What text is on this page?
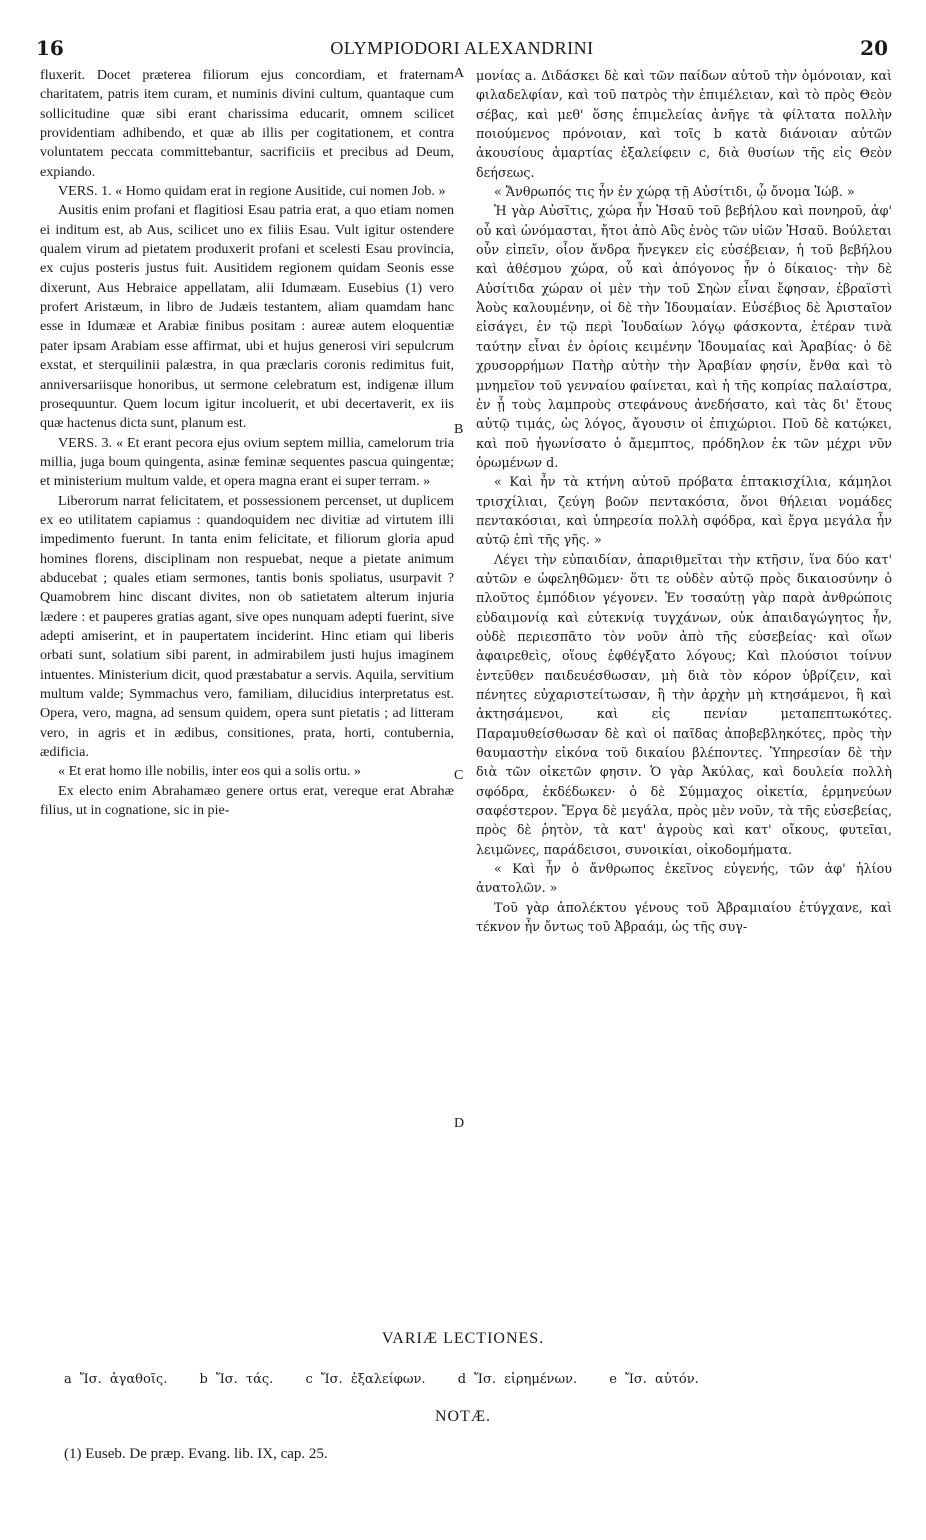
16	OLYMPIODORI ALEXANDRINI	20

fluxerit. Docet præterea filiorum ejus concordiam, et fraternam charitatem, patris item curam, et numinis divini cultum, quantaque cum sollicitudine quæ sibi erant charissima educarit, omnem scilicet providentiam adhibendo, et quæ ab illis per cogitationem, et contra voluntatem peccata committebantur, sacrificiis et precibus ad Deum, expiando.

VERS. 1. « Homo quidam erat in regione Ausitide, cui nomen Job. »

Ausitis enim profani et flagitiosi Esau patria erat, a quo etiam nomen ei inditum est, ab Aus, scilicet uno ex filiis Esau. Vult igitur ostendere qualem virum ad pietatem produxerit profani et scelesti Esau provincia, ex cujus posteris justus fuit. Ausitidem regionem quidam Seonis esse dixerunt, Aus Hebraice appellatam, alii Idumæam. Eusebius (1) vero profert Aristæum, in libro de Judæis testantem, aliam quamdam hanc esse in Idumææ et Arabiæ finibus positam : aureæ autem eloquentiæ pater ipsam Arabiam esse affirmat, ubi et hujus generosi viri sepulcrum exstat, et sterquilinii palæstra, in qua præclaris coronis redimitus fuit, anniversariisque honoribus, ut sermone celebratum est, indigenæ illum prosequuntur. Quem locum igitur incoluerit, et ubi decertaverit, ex iis quæ hactenus dicta sunt, planum est.

VERS. 3. « Et erant pecora ejus ovium septem millia, camelorum tria millia, juga boum quingenta, asinæ feminæ sequentes pascua quingentæ; et ministerium multum valde, et opera magna erant ei super terram. »

Liberorum narrat felicitatem, et possessionem percenset, ut duplicem ex eo utilitatem capiamus : quandoquidem nec divitiæ ad virtutem illi impedimento fuerunt. In tanta enim felicitate, et filiorum gloria apud homines florens, disciplinam non respuebat, neque a pietate animum abducebat ; quales etiam sermones, tantis bonis spoliatus, usurpavit ? Quamobrem hinc discant divites, non ob satietatem alterum injuria lædere : et pauperes gratias agant, sive opes nunquam adepti fuerint, sive adepti amiserint, et in paupertatem inciderint. Hinc etiam qui liberis orbati sunt, solatium sibi parent, in admirabilem justi hujus imaginem intuentes. Ministerium dicit, quod præstabatur a servis. Aquila, servitium multum valde; Symmachus vero, familiam, dilucidius interpretatus est. Opera, vero, magna, ad sensum quidem, opera sunt pietatis ; ad litteram vero, in agris et in ædibus, consitiones, prata, horti, contubernia, ædificia.

« Et erat homo ille nobilis, inter eos qui a solis ortu. »

Ex electo enim Abrahamæo genere ortus erat, vereque erat Abrahæ filius, ut in cognatione, sic in pie-

μονίας a. Διδάσκει δὲ καὶ τῶν παίδων αὐτοῦ τὴν ὁμόνοιαν, καὶ φιλαδελφίαν, καὶ τοῦ πατρὸς τὴν ἐπιμέλειαν, καὶ τὸ πρὸς Θεὸν σέβας, καὶ μεθ' ὅσης ἐπιμελείας ἀνῆγε τὰ φίλτατα πολλὴν ποιούμενος πρόνοιαν, καὶ τοῖς b κατὰ διάνοιαν αὐτῶν ἀκουσίους ἁμαρτίας ἐξαλείφειν c, διὰ θυσίων τῆς εἰς Θεὸν δεήσεως.

« Ἄνθρωπός τις ἦν ἐν χώρᾳ τῇ Αὐσίτιδι, ᾧ ὄνομα Ἰώβ. »

Ἡ γὰρ Αὐσῖτις, χώρα ἦν Ἡσαῦ τοῦ βεβήλου καὶ πονηροῦ, ἀφ' οὗ καὶ ὠνόμασται, ἤτοι ἀπὸ Αὒς ἑνὸς τῶν υἱῶν Ἡσαῦ. Βούλεται οὖν εἰπεῖν, οἷον ἄνδρα ἤνεγκεν εἰς εὐσέβειαν, ἡ τοῦ βεβήλου καὶ ἀθέσμου χώρα, οὗ καὶ ἀπόγονος ἦν ὁ δίκαιος· τὴν δὲ Αὐσίτιδα χώραν οἱ μὲν τὴν τοῦ Σηὼν εἶναι ἔφησαν, ἑβραϊστὶ Ἀοὺς καλουμένην, οἱ δὲ τὴν Ἰδουμαίαν. Εὐσέβιος δὲ Ἀρισταῖον εἰσάγει, ἐν τῷ περὶ Ἰουδαίων λόγῳ φάσκοντα, ἑτέραν τινὰ ταύτην εἶναι ἐν ὁρίοις κειμένην Ἰδουμαίας καὶ Ἀραβίας· ὁ δὲ χρυσορρήμων Πατὴρ αὐτὴν τὴν Ἀραβίαν φησίν, ἔνθα καὶ τὸ μνημεῖον τοῦ γενναίου φαίνεται, καὶ ἡ τῆς κοπρίας παλαίστρα, ἐν ᾗ τοὺς λαμπροὺς στεφάνους ἀνεδήσατο, καὶ τὰς δι' ἔτους αὐτῷ τιμάς, ὡς λόγος, ἄγουσιν οἱ ἐπιχώριοι. Ποῦ δὲ κατῴκει, καὶ ποῦ ἠγωνίσατο ὁ ἄμεμπτος, πρόδηλον ἐκ τῶν μέχρι νῦν ὁρωμένων d.

« Καὶ ἦν τὰ κτήνη αὐτοῦ πρόβατα ἑπτακισχίλια, κάμηλοι τρισχίλιαι, ζεύγη βοῶν πεντακόσια, ὄνοι θήλειαι νομάδες πεντακόσιαι, καὶ ὑπηρεσία πολλὴ σφόδρα, καὶ ἔργα μεγάλα ἦν αὐτῷ ἐπὶ τῆς γῆς. »

Λέγει τὴν εὐπαιδίαν, ἀπαριθμεῖται τὴν κτῆσιν, ἵνα δύο κατ' αὐτῶν e ὠφεληθῶμεν· ὅτι τε οὐδὲν αὐτῷ πρὸς δικαιοσύνην ὁ πλοῦτος ἐμπόδιον γέγονεν. Ἐν τοσαύτῃ γὰρ παρὰ ἀνθρώποις εὐδαιμονίᾳ καὶ εὐτεκνίᾳ τυγχάνων, οὐκ ἀπαιδαγώγητος ἦν, οὐδὲ περιεσπᾶτο τὸν νοῦν ἀπὸ τῆς εὐσεβείας· καὶ οἵων ἀφαιρεθεὶς, οἵους ἐφθέγξατο λόγους; Καὶ πλούσιοι τοίνυν ἐντεῦθεν παιδευέσθωσαν, μὴ διὰ τὸν κόρον ὑβρίζειν, καὶ πένητες εὐχαριστείτωσαν, ἢ τὴν ἀρχὴν μὴ κτησάμενοι, ἢ καὶ ἀκτησάμενοι, καὶ εἰς πενίαν μεταπεπτωκότες. Παραμυθείσθωσαν δὲ καὶ οἱ παῖδας ἀποβεβληκότες, πρὸς τὴν θαυμαστὴν εἰκόνα τοῦ δικαίου βλέποντες. Ὑπηρεσίαν δὲ τὴν διὰ τῶν οἰκετῶν φησιν. Ὁ γὰρ Ἀκύλας, καὶ δουλεία πολλὴ σφόδρα, ἐκδέδωκεν· ὁ δὲ Σύμμαχος οἰκετία, ἑρμηνεύων σαφέστερον. Ἔργα δὲ μεγάλα, πρὸς μὲν νοῦν, τὰ τῆς εὐσεβείας, πρὸς δὲ ῥητὸν, τὰ κατ' ἀγροὺς καὶ κατ' οἴκους, φυτεῖαι, λειμῶνες, παράδεισοι, συνοικίαι, οἰκοδομήματα.

« Καὶ ἦν ὁ ἄνθρωπος ἐκεῖνος εὐγενής, τῶν ἀφ' ἡλίου ἀνατολῶν. »

Τοῦ γὰρ ἀπολέκτου γένους τοῦ Ἀβραμιαίου ἐτύγχανε, καὶ τέκνον ἦν ὄντως τοῦ Ἀβραάμ, ὡς τῆς συγ-

A
B
C
D
VARIÆ LECTIONES.
a Ἴσ. ἀγαθοῖς. b Ἴσ. τάς. c Ἴσ. ἐξαλείφων. d Ἴσ. εἰρημένων. e Ἴσ. αὐτόν.
NOTÆ.
(1) Euseb. De præp. Evang. lib. IX, cap. 25.
